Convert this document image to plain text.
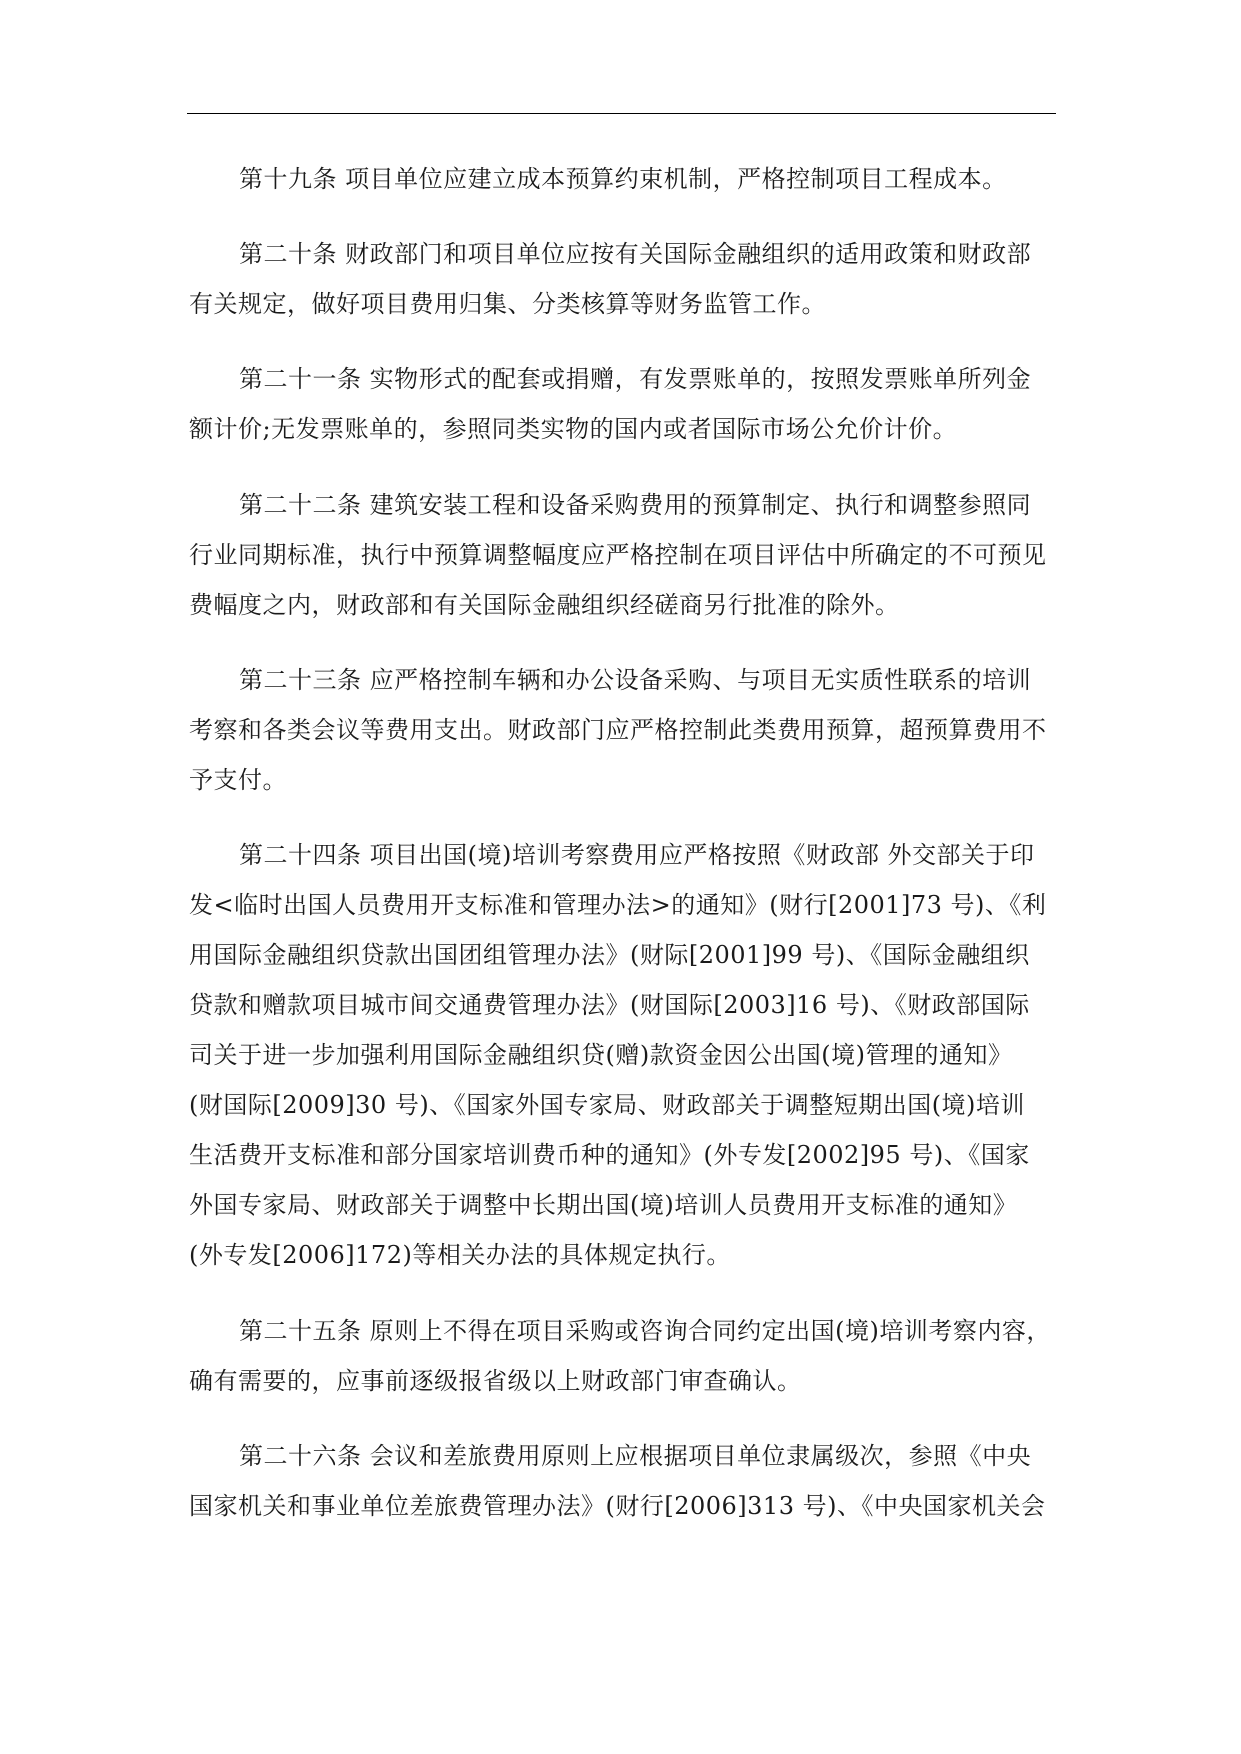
第十九条 项目单位应建立成本预算约束机制，严格控制项目工程成本。
第二十条 财政部门和项目单位应按有关国际金融组织的适用政策和财政部
有关规定，做好项目费用归集、分类核算等财务监管工作。
第二十一条 实物形式的配套或捐赠，有发票账单的，按照发票账单所列金
额计价;无发票账单的，参照同类实物的国内或者国际市场公允价计价。
第二十二条 建筑安装工程和设备采购费用的预算制定、执行和调整参照同
行业同期标准，执行中预算调整幅度应严格控制在项目评估中所确定的不可预见
费幅度之内，财政部和有关国际金融组织经磋商另行批准的除外。
第二十三条 应严格控制车辆和办公设备采购、与项目无实质性联系的培训
考察和各类会议等费用支出。财政部门应严格控制此类费用预算，超预算费用不
予支付。
第二十四条 项目出国(境)培训考察费用应严格按照《财政部 外交部关于印
发<临时出国人员费用开支标准和管理办法>的通知》(财行[2001]73 号)、《利
用国际金融组织贷款出国团组管理办法》(财际[2001]99 号)、《国际金融组织
贷款和赠款项目城市间交通费管理办法》(财国际[2003]16 号)、《财政部国际
司关于进一步加强利用国际金融组织贷(赠)款资金因公出国(境)管理的通知》
(财国际[2009]30 号)、《国家外国专家局、财政部关于调整短期出国(境)培训
生活费开支标准和部分国家培训费币种的通知》(外专发[2002]95 号)、《国家
外国专家局、财政部关于调整中长期出国(境)培训人员费用开支标准的通知》
(外专发[2006]172)等相关办法的具体规定执行。
第二十五条 原则上不得在项目采购或咨询合同约定出国(境)培训考察内容，
确有需要的，应事前逐级报省级以上财政部门审查确认。
第二十六条 会议和差旅费用原则上应根据项目单位隶属级次，参照《中央
国家机关和事业单位差旅费管理办法》(财行[2006]313 号)、《中央国家机关会
